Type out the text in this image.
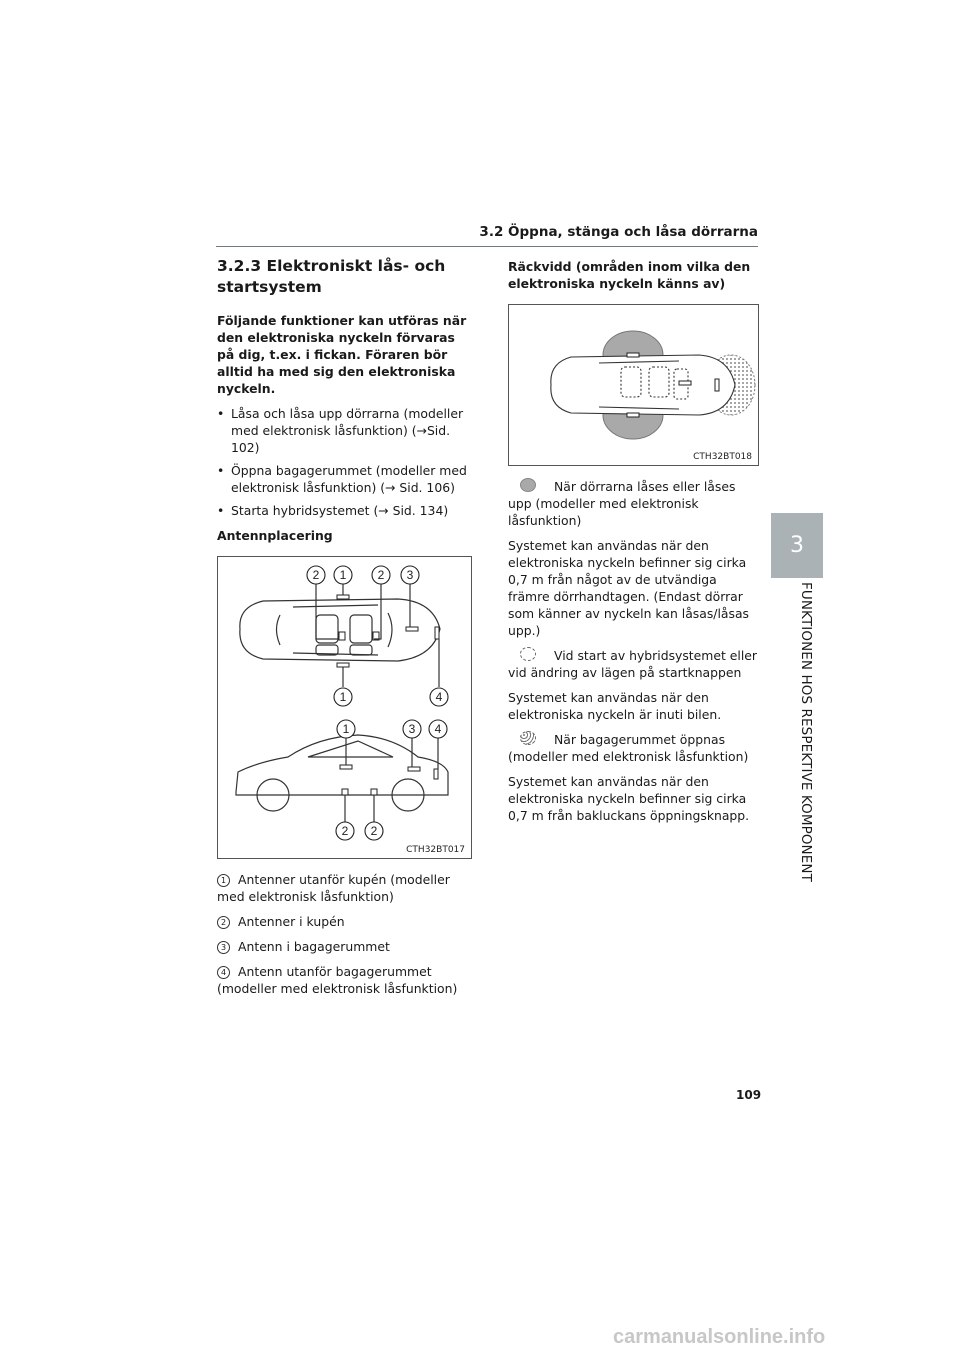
3.2 Öppna, stänga och låsa dörrarna
3
FUNKTIONEN HOS RESPEKTIVE KOMPONENT
3.2.3 Elektroniskt lås- och startsystem

Följande funktioner kan utföras när den elektroniska nyckeln förvaras på dig, t.ex. i fickan. Föraren bör alltid ha med sig den elektroniska nyckeln.

• Låsa och låsa upp dörrarna (modeller med elektronisk låsfunktion) (→Sid. 102)
• Öppna bagagerummet (modeller med elektronisk låsfunktion) (→ Sid. 106)
• Starta hybridsystemet (→ Sid. 134)

Antennplacering

2 1	2 3
1	4
1	3 4
2 2
CTH32BT017
1 Antenner utanför kupén (modeller med elektronisk låsfunktion)
2 Antenner i kupén
3 Antenn i bagagerummet
4 Antenn utanför bagagerummet (modeller med elektronisk låsfunktion)

Räckvidd (områden inom vilka den elektroniska nyckeln känns av)

CTH32BT018

När dörrarna låses eller låses upp (modeller med elektronisk låsfunktion)

Systemet kan användas när den elektroniska nyckeln befinner sig cirka 0,7 m från något av de utvändiga främre dörrhandtagen. (Endast dörrar som känner av nyckeln kan låsas/låsas upp.)

Vid start av hybridsystemet eller vid ändring av lägen på startknappen

Systemet kan användas när den elektroniska nyckeln är inuti bilen.

När bagagerummet öppnas (modeller med elektronisk låsfunktion)

Systemet kan användas när den elektroniska nyckeln befinner sig cirka 0,7 m från bakluckans öppningsknapp.

109
carmanualsonline.info
